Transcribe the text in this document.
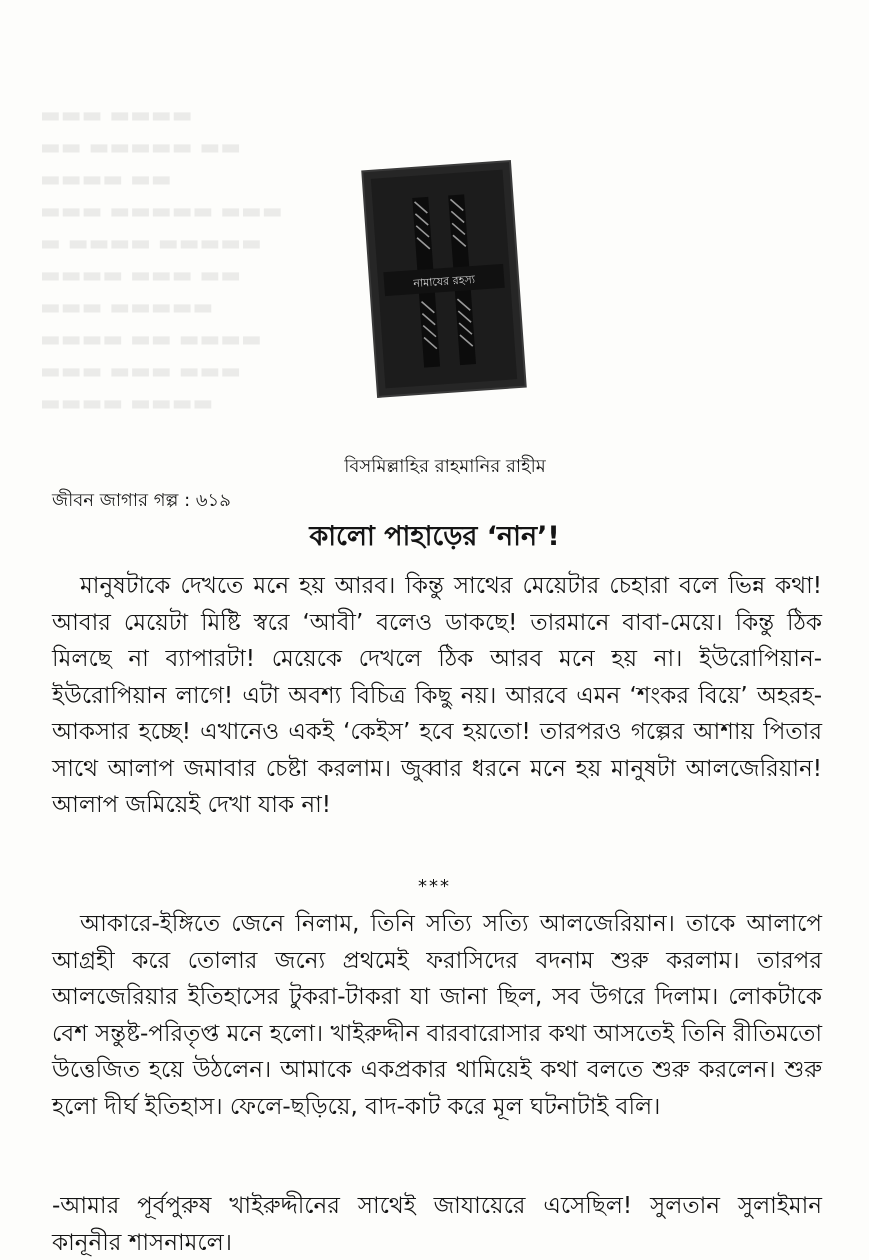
▬▬▬ ▬▬▬▬
▬▬ ▬▬▬▬▬ ▬▬
▬▬▬▬ ▬▬
▬▬▬ ▬▬▬▬▬ ▬▬▬
▬ ▬▬▬▬ ▬▬▬▬▬
▬▬▬▬ ▬▬▬ ▬▬
▬▬▬ ▬▬▬▬▬
▬▬▬▬ ▬▬ ▬▬▬▬
▬▬▬ ▬▬▬ ▬▬▬
▬▬▬▬ ▬▬▬▬
নামাযের রহস্য
বিসমিল্লাহির রাহমানির রাহীম
জীবন জাগার গল্প : ৬১৯
কালো পাহাড়ের ‘নান’!

মানুষটাকে দেখতে মনে হয় আরব। কিন্তু সাথের মেয়েটার চেহারা বলে ভিন্ন কথা! আবার মেয়েটা মিষ্টি স্বরে ‘আবী’ বলেও ডাকছে! তারমানে বাবা-মেয়ে। কিন্তু ঠিক মিলছে না ব্যাপারটা! মেয়েকে দেখলে ঠিক আরব মনে হয় না। ইউরোপিয়ান-ইউরোপিয়ান লাগে! এটা অবশ্য বিচিত্র কিছু নয়। আরবে এমন ‘শংকর বিয়ে’ অহরহ-আকসার হচ্ছে! এখানেও একই ‘কেইস’ হবে হয়তো! তারপরও গল্পের আশায় পিতার সাথে আলাপ জমাবার চেষ্টা করলাম। জুব্বার ধরনে মনে হয় মানুষটা আলজেরিয়ান! আলাপ জমিয়েই দেখা যাক না!

***

আকারে-ইঙ্গিতে জেনে নিলাম, তিনি সত্যি সত্যি আলজেরিয়ান। তাকে আলাপে আগ্রহী করে তোলার জন্যে প্রথমেই ফরাসিদের বদনাম শুরু করলাম। তারপর আলজেরিয়ার ইতিহাসের টুকরা-টাকরা যা জানা ছিল, সব উগরে দিলাম। লোকটাকে বেশ সন্তুষ্ট-পরিতৃপ্ত মনে হলো। খাইরুদ্দীন বারবারোসার কথা আসতেই তিনি রীতিমতো উত্তেজিত হয়ে উঠলেন। আমাকে একপ্রকার থামিয়েই কথা বলতে শুরু করলেন। শুরু হলো দীর্ঘ ইতিহাস। ফেলে-ছড়িয়ে, বাদ-কাট করে মূল ঘটনাটাই বলি।

-আমার পূর্বপুরুষ খাইরুদ্দীনের সাথেই জাযায়েরে এসেছিল! সুলতান সুলাইমান কানূনীর শাসনামলে।
